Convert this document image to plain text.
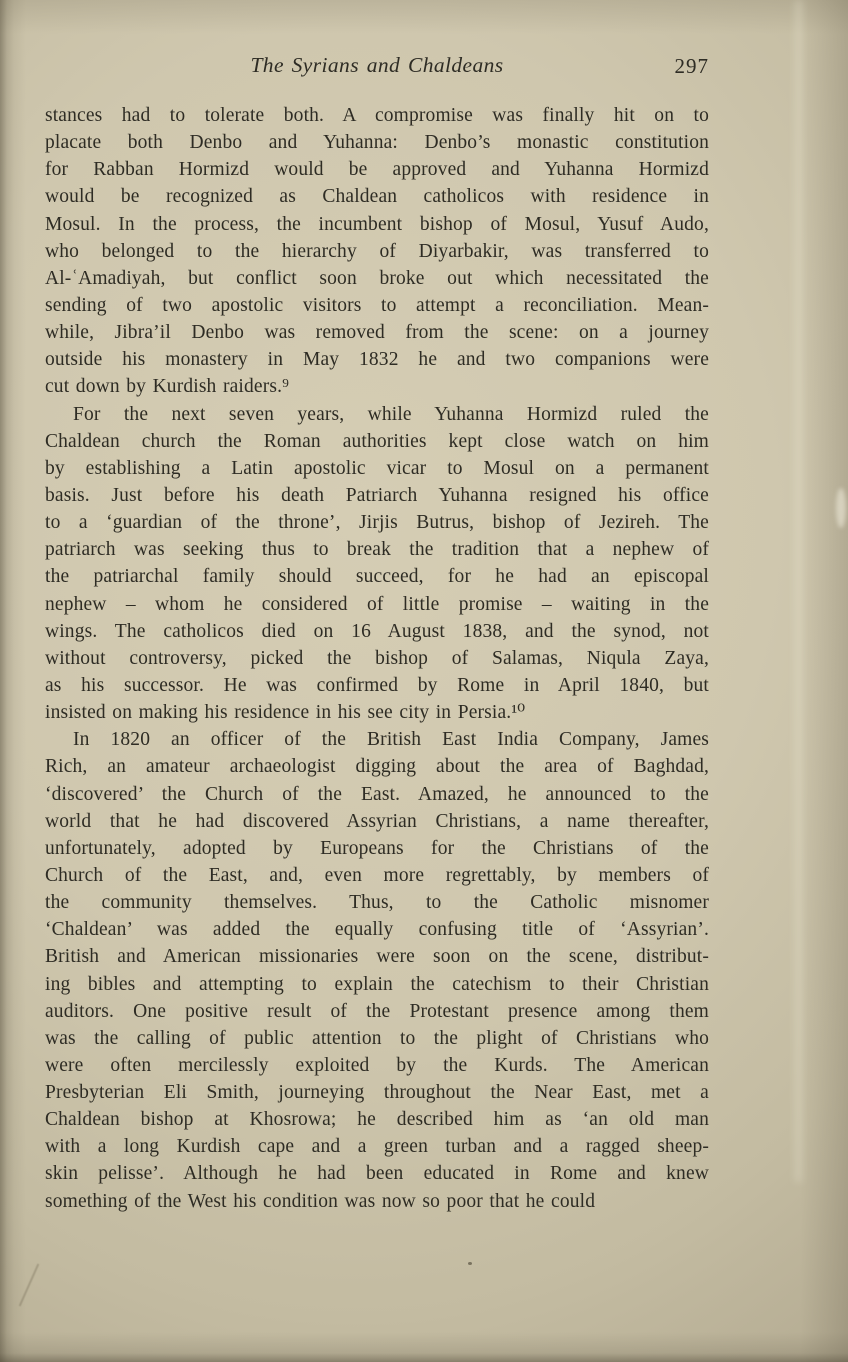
The Syrians and Chaldeans	297
stances had to tolerate both. A compromise was finally hit on to
placate both Denbo and Yuhanna: Denbo’s monastic constitution
for Rabban Hormizd would be approved and Yuhanna Hormizd
would be recognized as Chaldean catholicos with residence in
Mosul. In the process, the incumbent bishop of Mosul, Yusuf Audo,
who belonged to the hierarchy of Diyarbakir, was transferred to
Al-ʿAmadiyah, but conflict soon broke out which necessitated the
sending of two apostolic visitors to attempt a reconciliation. Mean-
while, Jibra’il Denbo was removed from the scene: on a journey
outside his monastery in May 1832 he and two companions were
cut down by Kurdish raiders.⁹
For the next seven years, while Yuhanna Hormizd ruled the
Chaldean church the Roman authorities kept close watch on him
by establishing a Latin apostolic vicar to Mosul on a permanent
basis. Just before his death Patriarch Yuhanna resigned his office
to a ‘guardian of the throne’, Jirjis Butrus, bishop of Jezireh. The
patriarch was seeking thus to break the tradition that a nephew of
the patriarchal family should succeed, for he had an episcopal
nephew – whom he considered of little promise – waiting in the
wings. The catholicos died on 16 August 1838, and the synod, not
without controversy, picked the bishop of Salamas, Niqula Zaya,
as his successor. He was confirmed by Rome in April 1840, but
insisted on making his residence in his see city in Persia.¹⁰
In 1820 an officer of the British East India Company, James
Rich, an amateur archaeologist digging about the area of Baghdad,
‘discovered’ the Church of the East. Amazed, he announced to the
world that he had discovered Assyrian Christians, a name thereafter,
unfortunately, adopted by Europeans for the Christians of the
Church of the East, and, even more regrettably, by members of
the community themselves. Thus, to the Catholic misnomer
‘Chaldean’ was added the equally confusing title of ‘Assyrian’.
British and American missionaries were soon on the scene, distribut-
ing bibles and attempting to explain the catechism to their Christian
auditors. One positive result of the Protestant presence among them
was the calling of public attention to the plight of Christians who
were often mercilessly exploited by the Kurds. The American
Presbyterian Eli Smith, journeying throughout the Near East, met a
Chaldean bishop at Khosrowa; he described him as ‘an old man
with a long Kurdish cape and a green turban and a ragged sheep-
skin pelisse’. Although he had been educated in Rome and knew
something of the West his condition was now so poor that he could
